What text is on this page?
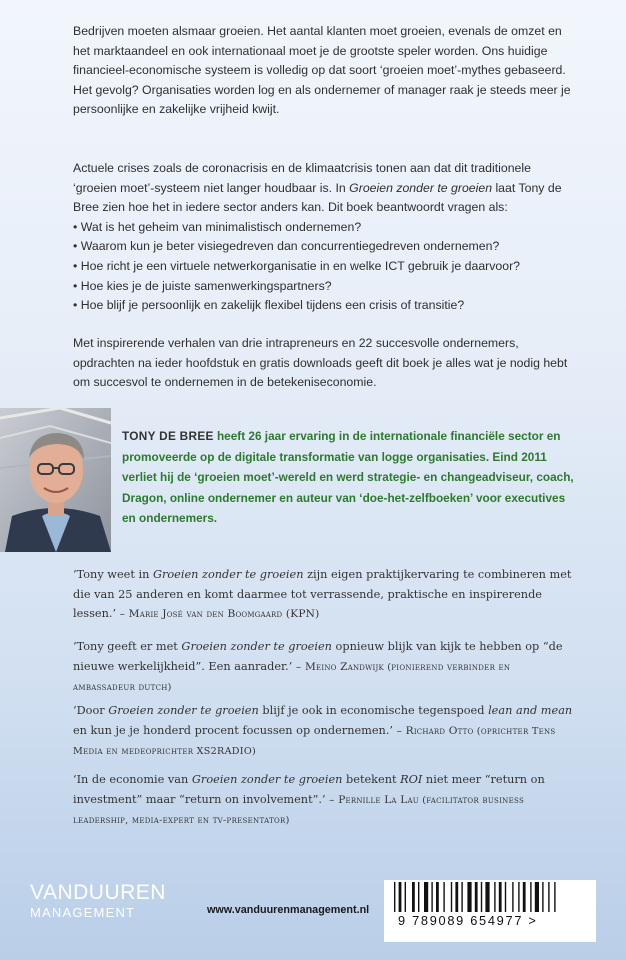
Bedrijven moeten alsmaar groeien. Het aantal klanten moet groeien, evenals de omzet en het marktaandeel en ook internationaal moet je de grootste speler worden. Ons huidige financieel-economische systeem is volledig op dat soort ‘groeien moet’-mythes gebaseerd. Het gevolg? Organisaties worden log en als ondernemer of manager raak je steeds meer je persoonlijke en zakelijke vrijheid kwijt.

Actuele crises zoals de coronacrisis en de klimaatcrisis tonen aan dat dit traditionele ‘groeien moet’-systeem niet langer houdbaar is. In Groeien zonder te groeien laat Tony de Bree zien hoe het in iedere sector anders kan. Dit boek beantwoordt vragen als:
• Wat is het geheim van minimalistisch ondernemen?
• Waarom kun je beter visiegedreven dan concurrentiegedreven ondernemen?
• Hoe richt je een virtuele netwerkorganisatie in en welke ICT gebruik je daarvoor?
• Hoe kies je de juiste samenwerkingspartners?
• Hoe blijf je persoonlijk en zakelijk flexibel tijdens een crisis of transitie?

Met inspirerende verhalen van drie intrapreneurs en 22 succesvolle ondernemers, opdrachten na ieder hoofdstuk en gratis downloads geeft dit boek je alles wat je nodig hebt om succesvol te ondernemen in de betekeniseconomie.

TONY DE BREE heeft 26 jaar ervaring in de internationale financiële sector en promoveerde op de digitale transformatie van logge organisaties. Eind 2011 verliet hij de ‘groeien moet’-wereld en werd strategie- en changeadviseur, coach, Dragon, online ondernemer en auteur van ‘doe-het-zelfboeken’ voor executives en ondernemers.

‘Tony weet in Groeien zonder te groeien zijn eigen praktijkervaring te combineren met die van 25 anderen en komt daarmee tot verrassende, praktische en inspirerende lessen.’ – Marie José van den Boomgaard (KPN)

‘Tony geeft er met Groeien zonder te groeien opnieuw blijk van kijk te hebben op “de nieuwe werkelijkheid”. Een aanrader.’ – Meino Zandwijk (pionierend verbinder en ambassadeur dutch)

‘Door Groeien zonder te groeien blijf je ook in economische tegenspoed lean and mean en kun je je honderd procent focussen op ondernemen.’ – Richard Otto (oprichter Tens Media en medeoprichter XS2RADIO)

‘In de economie van Groeien zonder te groeien betekent ROI niet meer “return on investment” maar “return on involvement”.’ – Pernille La Lau (facilitator business leadership, media-expert en tv-presentator)

VANDUUREN
MANAGEMENT	www.vanduurenmanagement.nl
9 789089 654977 >
